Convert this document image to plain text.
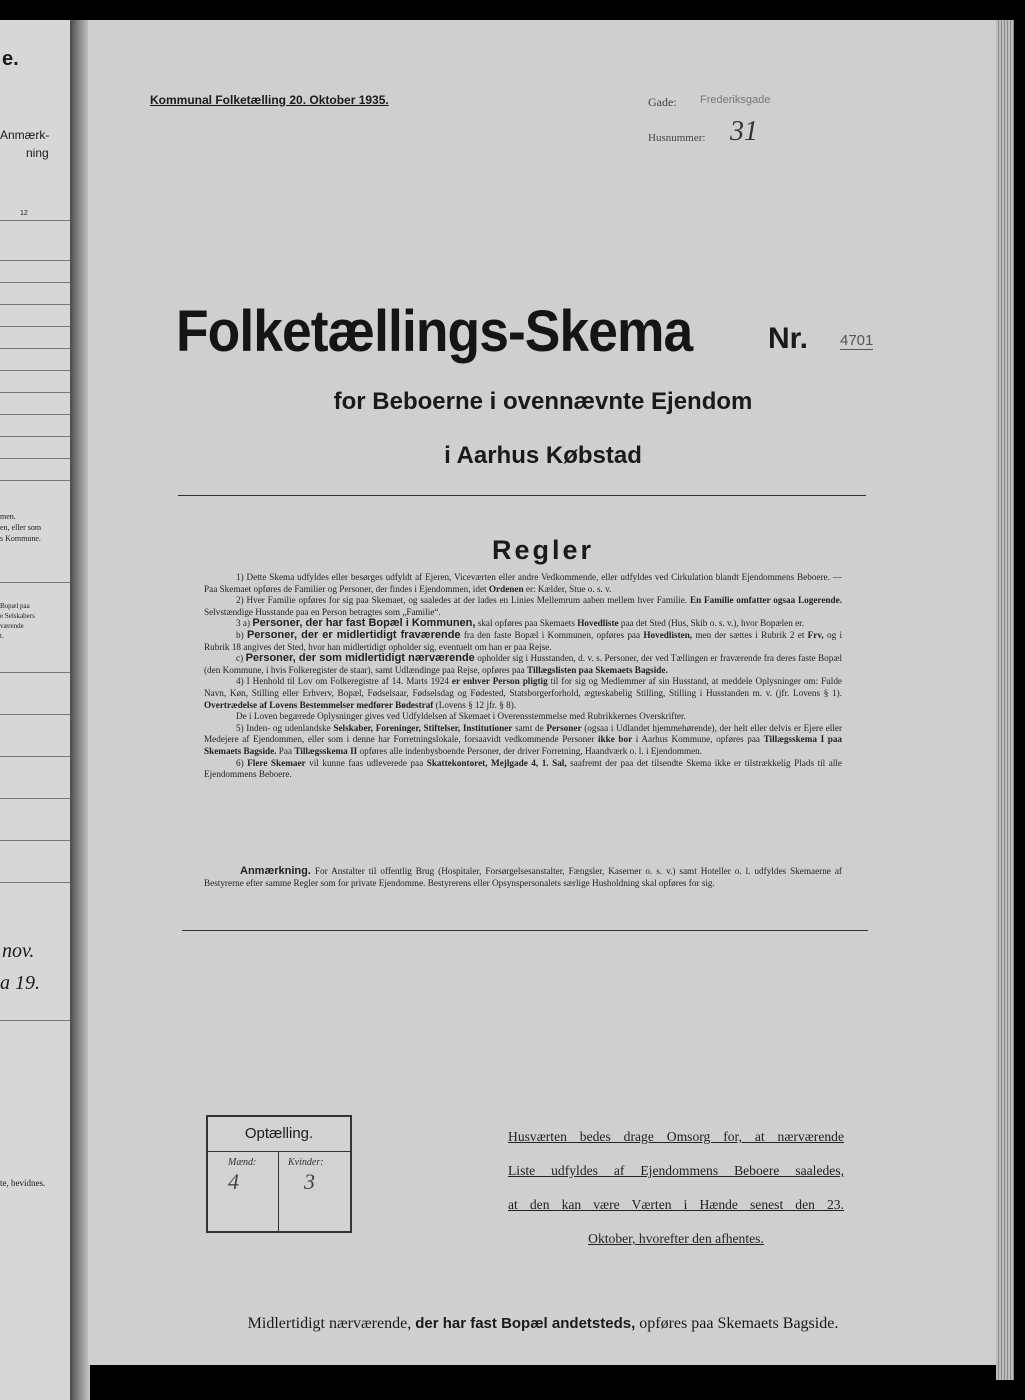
e.
Anmærk-
ning
12
men.
en, eller som
s Kommune.
Bopæl paa
e Selskabers
værende
t.
nov.
a 19.
te, bevidnes.
Kommunal Folketælling 20. Oktober 1935.	Gade: Frederiksgade
Husnummer: 31
Folketællings-Skema	Nr. 4701
for Beboerne i ovennævnte Ejendom
i Aarhus Købstad
Regler

1) Dette Skema udfyldes eller besørges udfyldt af Ejeren, Viceværten eller andre Vedkommende, eller udfyldes ved Cirkulation blandt Ejendommens Beboere. — Paa Skemaet opføres de Familier og Personer, der findes i Ejendommen, idet Ordenen er: Kælder, Stue o. s. v.

2) Hver Familie opføres for sig paa Skemaet, og saaledes at der lades en Linies Mellemrum aaben mellem hver Familie. En Familie omfatter ogsaa Logerende. Selvstændige Husstande paa en Person betragtes som „Familie“.

3 a) Personer, der har fast Bopæl i Kommunen, skal opføres paa Skemaets Hovedliste paa det Sted (Hus, Skib o. s. v.), hvor Bopælen er.

b) Personer, der er midlertidigt fraværende fra den faste Bopæl i Kommunen, opføres paa Hovedlisten, men der sættes i Rubrik 2 et Frv, og i Rubrik 18 angives det Sted, hvor han midlertidigt opholder sig, eventuelt om han er paa Rejse.

c) Personer, der som midlertidigt nærværende opholder sig i Husstanden, d. v. s. Personer, der ved Tællingen er fraværende fra deres faste Bopæl (den Kommune, i hvis Folkeregister de staar), samt Udlændinge paa Rejse, opføres paa Tillægslisten paa Skemaets Bagside.

4) I Henhold til Lov om Folkeregistre af 14. Marts 1924 er enhver Person pligtig til for sig og Medlemmer af sin Husstand, at meddele Oplysninger om: Fulde Navn, Køn, Stilling eller Erhverv, Bopæl, Fødselsaar, Fødselsdag og Fødested, Statsborgerforhold, ægteskabelig Stilling, Stilling i Husstanden m. v. (jfr. Lovens § 1). Overtrædelse af Lovens Bestemmelser medfører Bødestraf (Lovens § 12 jfr. § 8).

De i Loven begærede Oplysninger gives ved Udfyldelsen af Skemaet i Overensstemmelse med Rubrikkernes Overskrifter.

5) Inden- og udenlandske Selskaber, Foreninger, Stiftelser, Institutioner samt de Personer (ogsaa i Udlandet hjemmehørende), der helt eller delvis er Ejere eller Medejere af Ejendommen, eller som i denne har Forretningslokale, forsaavidt vedkommende Personer ikke bor i Aarhus Kommune, opføres paa Tillægsskema I paa Skemaets Bagside. Paa Tillægsskema II opføres alle indenbysboende Personer, der driver Forretning, Haandværk o. l. i Ejendommen.

6) Flere Skemaer vil kunne faas udleverede paa Skattekontoret, Mejlgade 4, 1. Sal, saafremt der paa det tilsendte Skema ikke er tilstrækkelig Plads til alle Ejendommens Beboere.

Anmærkning. For Anstalter til offentlig Brug (Hospitaler, Forsørgelsesanstalter, Fængsler, Kaserner o. s. v.) samt Hoteller o. l. udfyldes Skemaerne af Bestyrerne efter samme Regler som for private Ejendomme. Bestyrerens eller Opsynspersonalets særlige Husholdning skal opføres for sig.

Optælling.
Mænd:	Kvinder:
4	3
Husværten bedes drage Omsorg for, at nærværende
Liste udfyldes af Ejendommens Beboere saaledes,
at den kan være Værten i Hænde senest den 23.
Oktober, hvorefter den afhentes.
Midlertidigt nærværende, der har fast Bopæl andetsteds, opføres paa Skemaets Bagside.
